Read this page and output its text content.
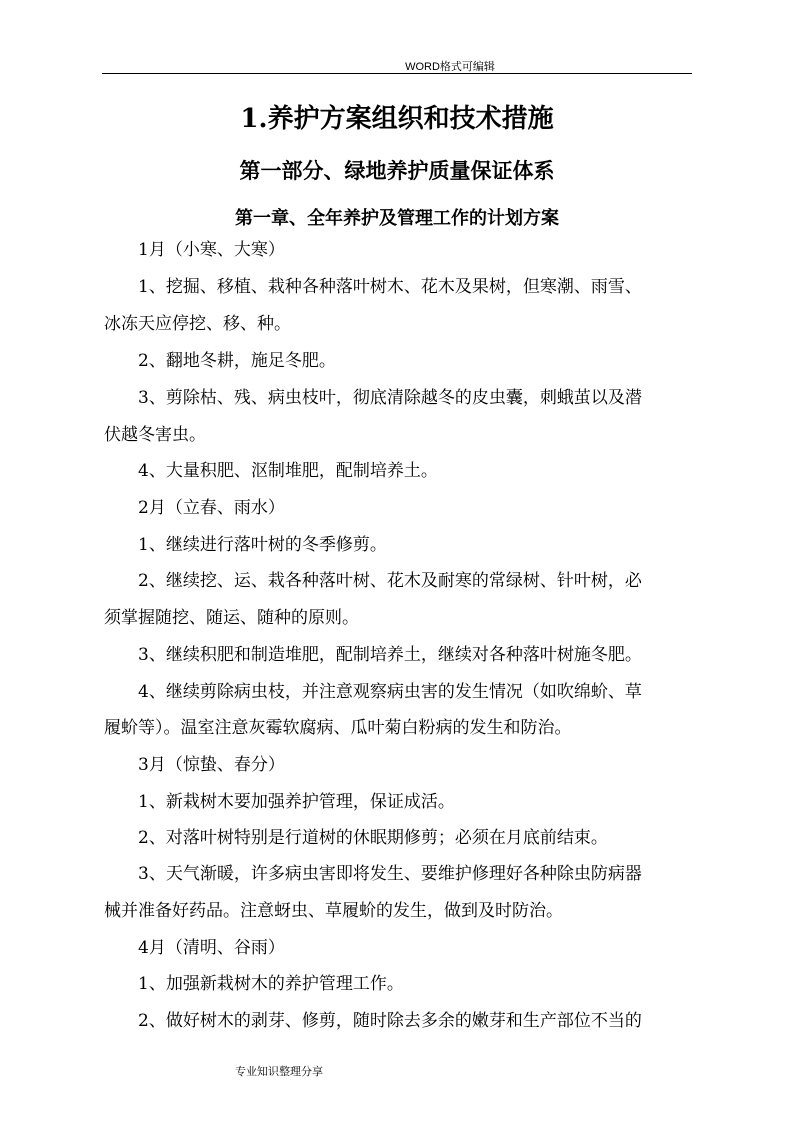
WORD格式可编辑
1.养护方案组织和技术措施
第一部分、绿地养护质量保证体系
第一章、全年养护及管理工作的计划方案
　　1月（小寒、大寒）
　　1、挖掘、移植、栽种各种落叶树木、花木及果树，但寒潮、雨雪、
冰冻天应停挖、移、种。
　　2、翻地冬耕，施足冬肥。
　　3、剪除枯、残、病虫枝叶，彻底清除越冬的皮虫囊，刺蛾茧以及潜
伏越冬害虫。
　　4、大量积肥、沤制堆肥，配制培养土。
　　2月（立春、雨水）
　　1、继续进行落叶树的冬季修剪。
　　2、继续挖、运、栽各种落叶树、花木及耐寒的常绿树、针叶树，必
须掌握随挖、随运、随种的原则。
　　3、继续积肥和制造堆肥，配制培养土，继续对各种落叶树施冬肥。
　　4、继续剪除病虫枝，并注意观察病虫害的发生情况（如吹绵蚧、草
履蚧等）。温室注意灰霉软腐病、瓜叶菊白粉病的发生和防治。
　　3月（惊蛰、春分）
　　1、新栽树木要加强养护管理，保证成活。
　　2、对落叶树特别是行道树的休眠期修剪；必须在月底前结束。
　　3、天气渐暖，许多病虫害即将发生、要维护修理好各种除虫防病器
械并准备好药品。注意蚜虫、草履蚧的发生，做到及时防治。
　　4月（清明、谷雨）
　　1、加强新栽树木的养护管理工作。
　　2、做好树木的剥芽、修剪，随时除去多余的嫩芽和生产部位不当的
专业知识整理分享
